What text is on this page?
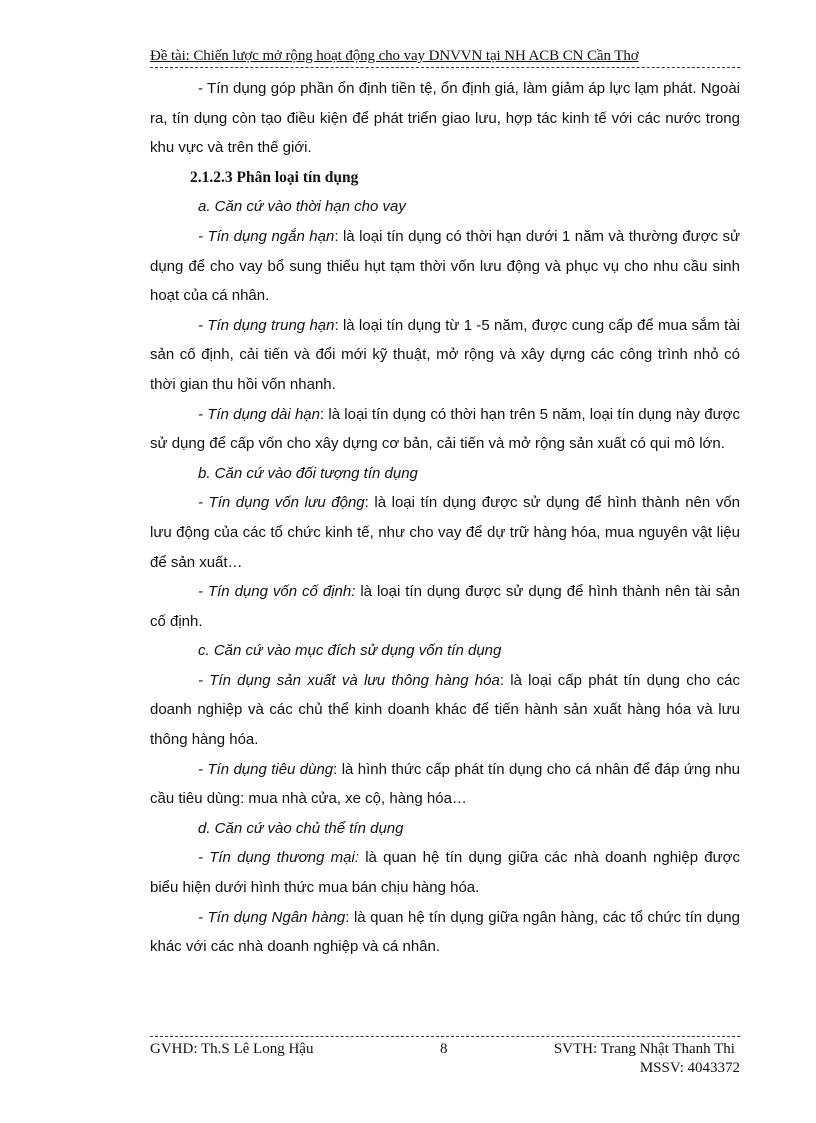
Đề tài: Chiến lược mở rộng hoạt động cho vay DNVVN tại NH ACB CN Cần Thơ

- Tín dụng góp phần ổn định tiền tệ, ổn định giá, làm giảm áp lực lạm phát. Ngoài ra, tín dụng còn tạo điều kiện để phát triển giao lưu, hợp tác kinh tế với các nước trong khu vực và trên thế giới.

2.1.2.3 Phân loại tín dụng

a. Căn cứ vào thời hạn cho vay

- Tín dụng ngắn hạn: là loại tín dụng có thời hạn dưới 1 năm và thường được sử dụng để cho vay bổ sung thiếu hụt tạm thời vốn lưu động và phục vụ cho nhu cầu sinh hoạt của cá nhân.

- Tín dụng trung hạn: là loại tín dụng từ 1 -5 năm, được cung cấp để mua sắm tài sản cố định, cải tiến và đổi mới kỹ thuật, mở rộng và xây dựng các công trình nhỏ có thời gian thu hồi vốn nhanh.

- Tín dụng dài hạn: là loại tín dụng có thời hạn trên 5 năm, loại tín dụng này được sử dụng để cấp vốn cho xây dựng cơ bản, cải tiến và mở rộng sản xuất có qui mô lớn.

b. Căn cứ vào đối tượng tín dụng

- Tín dụng vốn lưu động: là loại tín dụng được sử dụng để hình thành nên vốn lưu động của các tổ chức kinh tế, như cho vay để dự trữ hàng hóa, mua nguyên vật liệu để sản xuất…

- Tín dụng vốn cố định: là loại tín dụng được sử dụng để hình thành nên tài sản cố định.

c. Căn cứ vào mục đích sử dụng vốn tín dụng

- Tín dụng sản xuất và lưu thông hàng hóa: là loại cấp phát tín dụng cho các doanh nghiệp và các chủ thể kinh doanh khác để tiến hành sản xuất hàng hóa và lưu thông hàng hóa.

- Tín dụng tiêu dùng: là hình thức cấp phát tín dụng cho cá nhân để đáp ứng nhu cầu tiêu dùng: mua nhà cửa, xe cộ, hàng hóa…

d. Căn cứ vào chủ thể tín dụng

- Tín dụng thương mại: là quan hệ tín dụng giữa các nhà doanh nghiệp được biểu hiện dưới hình thức mua bán chịu hàng hóa.

- Tín dụng Ngân hàng: là quan hệ tín dụng giữa ngân hàng, các tổ chức tín dụng khác với các nhà doanh nghiệp và cá nhân.

GVHD: Th.S Lê Long Hậu	8	SVTH: Trang Nhật Thanh Thi
MSSV: 4043372
